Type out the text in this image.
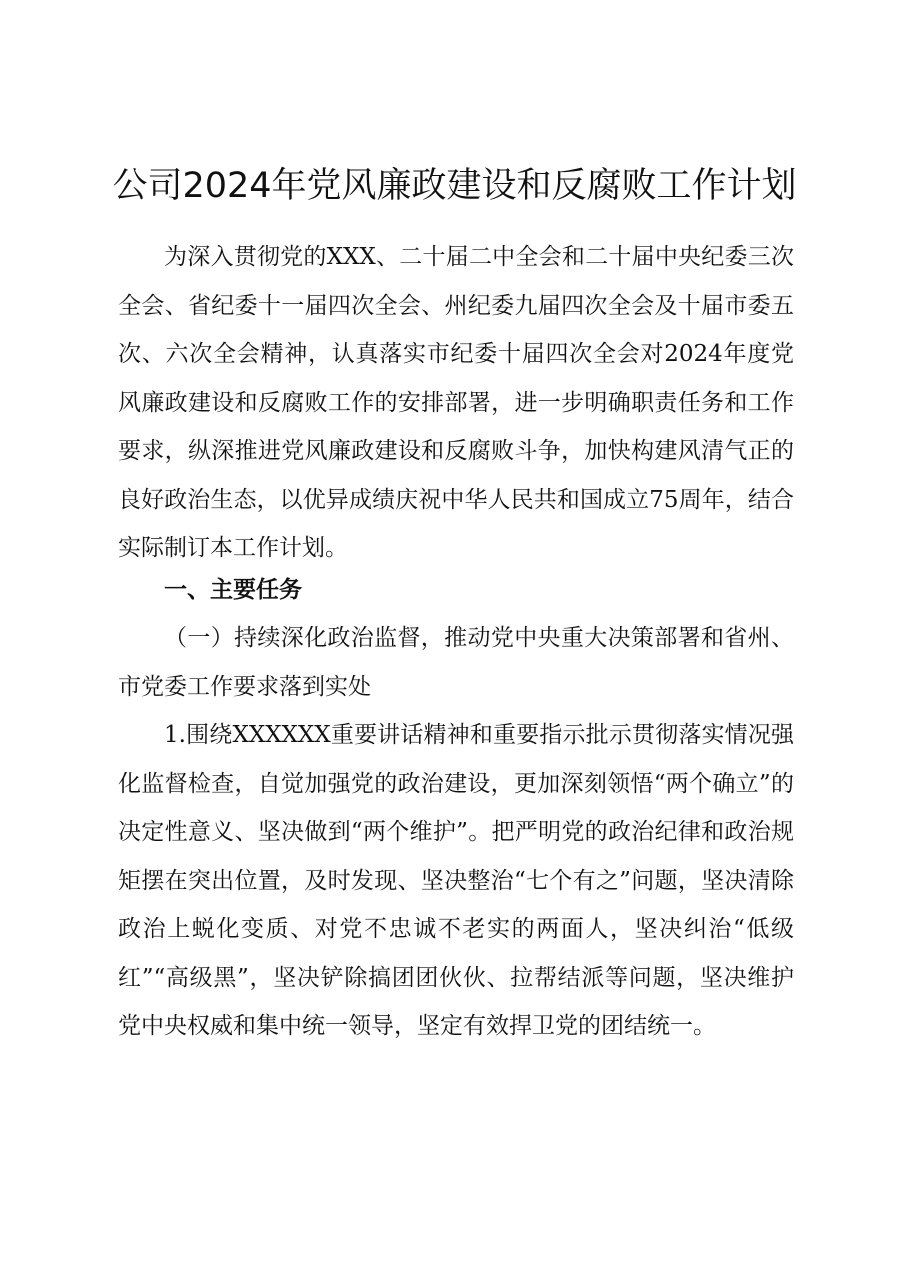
公司2024年党风廉政建设和反腐败工作计划

为深入贯彻党的XXX、二十届二中全会和二十届中央纪委三次全会、省纪委十一届四次全会、州纪委九届四次全会及十届市委五次、六次全会精神，认真落实市纪委十届四次全会对2024年度党风廉政建设和反腐败工作的安排部署，进一步明确职责任务和工作要求，纵深推进党风廉政建设和反腐败斗争，加快构建风清气正的良好政治生态，以优异成绩庆祝中华人民共和国成立75周年，结合实际制订本工作计划。

一、主要任务

（一）持续深化政治监督，推动党中央重大决策部署和省州、市党委工作要求落到实处

1.围绕XXXXXX重要讲话精神和重要指示批示贯彻落实情况强化监督检查，自觉加强党的政治建设，更加深刻领悟“两个确立”的决定性意义、坚决做到“两个维护”。把严明党的政治纪律和政治规矩摆在突出位置，及时发现、坚决整治“七个有之”问题，坚决清除政治上蜕化变质、对党不忠诚不老实的两面人，坚决纠治“低级红”“高级黑”，坚决铲除搞团团伙伙、拉帮结派等问题，坚决维护党中央权威和集中统一领导，坚定有效捍卫党的团结统一。
